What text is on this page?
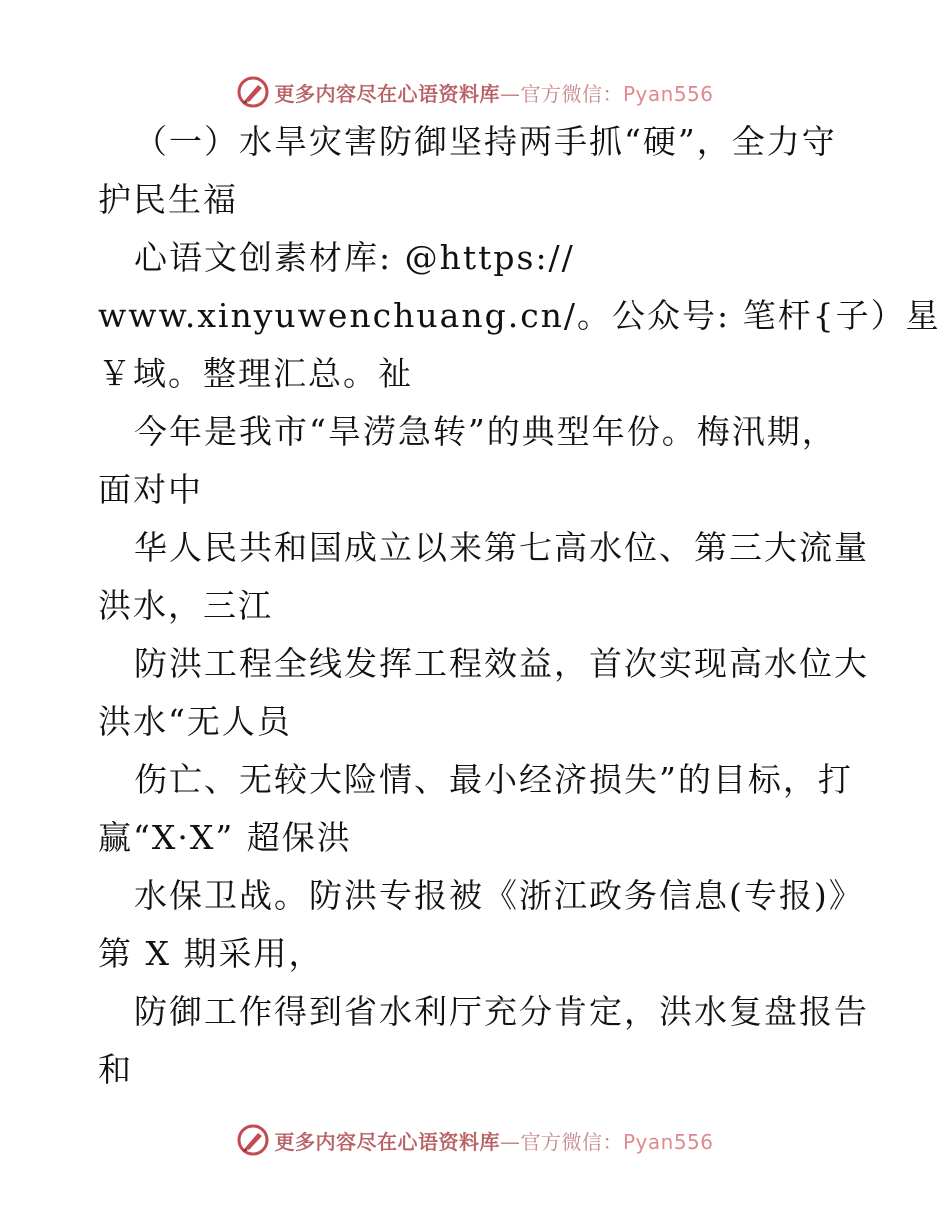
更多内容尽在心语资料库—官方微信：Pyan556
（一）水旱灾害防御坚持两手抓“硬”，全力守
护民生福
心语文创素材库: @https://
www.xinyuwenchuang.cn/。公众号: 笔杆{子）星
￥域。整理汇总。祉
今年是我市“旱涝急转”的典型年份。梅汛期，
面对中
华人民共和国成立以来第七高水位、第三大流量
洪水，三江
防洪工程全线发挥工程效益，首次实现高水位大
洪水“无人员
伤亡、无较大险情、最小经济损失”的目标，打
赢“X·X” 超保洪
水保卫战。防洪专报被《浙江政务信息(专报)》
第 X 期采用，
防御工作得到省水利厅充分肯定，洪水复盘报告
和
更多内容尽在心语资料库—官方微信：Pyan556
